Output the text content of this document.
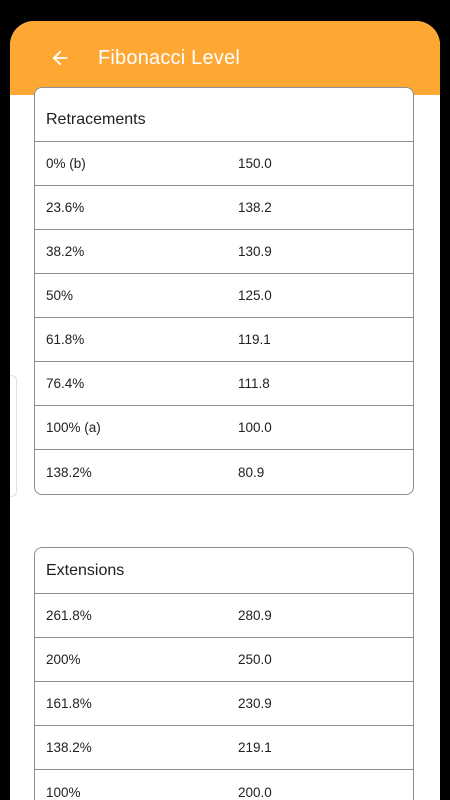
Fibonacci Level
Retracements
0% (b)	150.0
23.6%	138.2
38.2%	130.9
50%	125.0
61.8%	119.1
76.4%	111.8
100% (a)	100.0
138.2%	80.9
Extensions
261.8%	280.9
200%	250.0
161.8%	230.9
138.2%	219.1
100%	200.0
